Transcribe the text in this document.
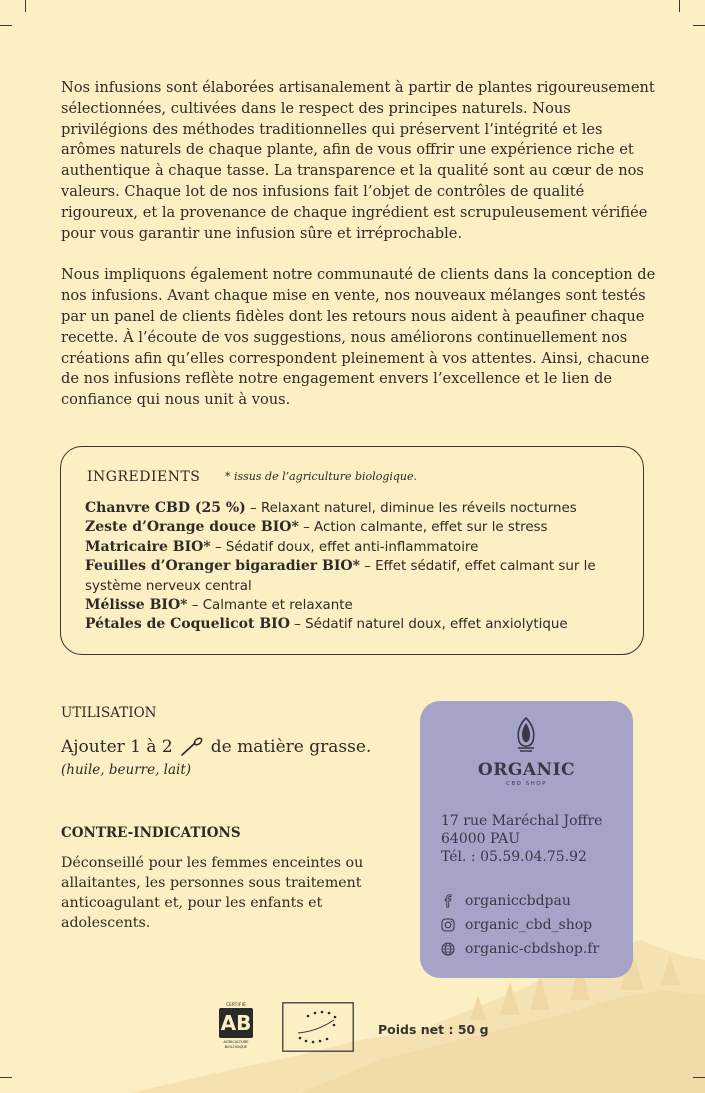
Nos infusions sont élaborées artisanalement à partir de plantes rigoureusement sélectionnées, cultivées dans le respect des principes naturels. Nous privilégions des méthodes traditionnelles qui préservent l’intégrité et les arômes naturels de chaque plante, afin de vous offrir une expérience riche et authentique à chaque tasse. La transparence et la qualité sont au cœur de nos valeurs. Chaque lot de nos infusions fait l’objet de contrôles de qualité rigoureux, et la provenance de chaque ingrédient est scrupuleusement vérifiée pour vous garantir une infusion sûre et irréprochable.

Nous impliquons également notre communauté de clients dans la conception de nos infusions. Avant chaque mise en vente, nos nouveaux mélanges sont testés par un panel de clients fidèles dont les retours nous aident à peaufiner chaque recette. À l’écoute de vos suggestions, nous améliorons continuellement nos créations afin qu’elles correspondent pleinement à vos attentes. Ainsi, chacune de nos infusions reflète notre engagement envers l’excellence et le lien de confiance qui nous unit à vous.

INGREDIENTS * issus de l’agriculture biologique.
Chanvre CBD (25 %) – Relaxant naturel, diminue les réveils nocturnes
Zeste d’Orange douce BIO* – Action calmante, effet sur le stress
Matricaire BIO* – Sédatif doux, effet anti-inflammatoire
Feuilles d’Oranger bigaradier BIO* – Effet sédatif, effet calmant sur le système nerveux central
Mélisse BIO* – Calmante et relaxante
Pétales de Coquelicot BIO – Sédatif naturel doux, effet anxiolytique
UTILISATION
Ajouter 1 à 2 de matière grasse.
(huile, beurre, lait)
CONTRE-INDICATIONS
Déconseillé pour les femmes enceintes ou allaitantes, les personnes sous traitement anticoagulant et, pour les enfants et adolescents.
ORGANIC
CBD SHOP
17 rue Maréchal Joffre
64000 PAU
Tél. : 05.59.04.75.92
organiccbdpau
organic_cbd_shop
organic-cbdshop.fr
CERTIFIÉ
AB
AGRICULTURE BIOLOGIQUE
Poids net : 50 g
